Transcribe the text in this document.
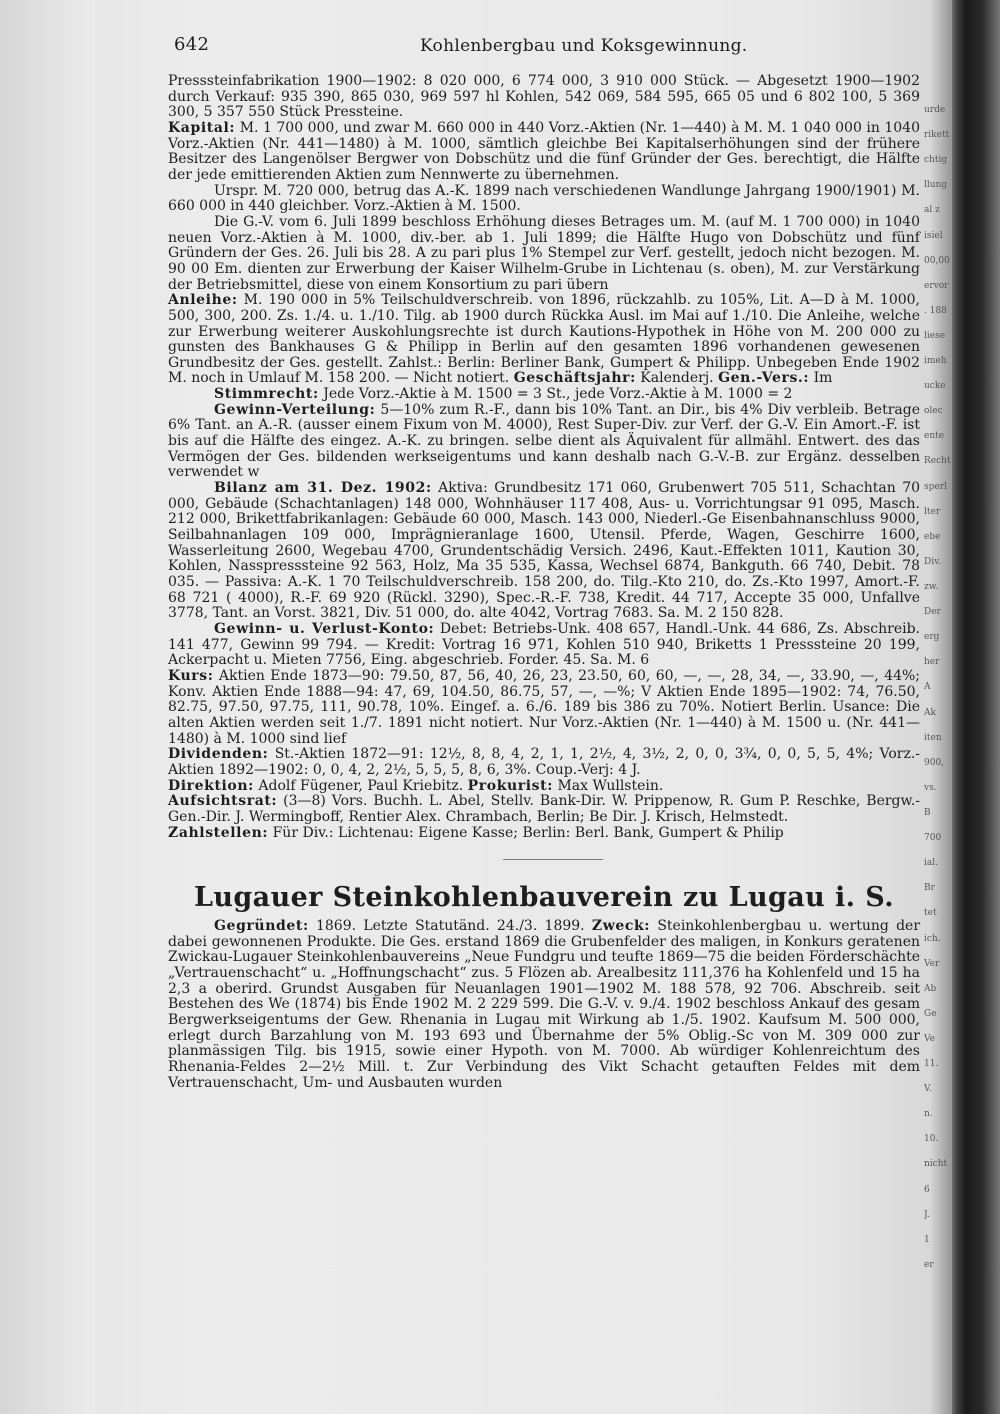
642	Kohlenbergbau und Koksgewinnung.

Presssteinfabrikation 1900—1902: 8 020 000, 6 774 000, 3 910 000 Stück. — Abgesetzt 1900—1902 durch Verkauf: 935 390, 865 030, 969 597 hl Kohlen, 542 069, 584 595, 665 05 und 6 802 100, 5 369 300, 5 357 550 Stück Pressteine.

Kapital: M. 1 700 000, und zwar M. 660 000 in 440 Vorz.-Aktien (Nr. 1—440) à M. M. 1 040 000 in 1040 Vorz.-Aktien (Nr. 441—1480) à M. 1000, sämtlich gleichbe Bei Kapitalserhöhungen sind der frühere Besitzer des Langenölser Bergwer von Dobschütz und die fünf Gründer der Ges. berechtigt, die Hälfte der jede emittierenden Aktien zum Nennwerte zu übernehmen.

Urspr. M. 720 000, betrug das A.-K. 1899 nach verschiedenen Wandlunge Jahrgang 1900/1901) M. 660 000 in 440 gleichber. Vorz.-Aktien à M. 1500.

Die G.-V. vom 6. Juli 1899 beschloss Erhöhung dieses Betrages um. M. (auf M. 1 700 000) in 1040 neuen Vorz.-Aktien à M. 1000, div.-ber. ab 1. Juli 1899; die Hälfte Hugo von Dobschütz und fünf Gründern der Ges. 26. Juli bis 28. A zu pari plus 1% Stempel zur Verf. gestellt, jedoch nicht bezogen. M. 90 00 Em. dienten zur Erwerbung der Kaiser Wilhelm-Grube in Lichtenau (s. oben), M. zur Verstärkung der Betriebsmittel, diese von einem Konsortium zu pari übern

Anleihe: M. 190 000 in 5% Teilschuldverschreib. von 1896, rückzahlb. zu 105%, Lit. A—D à M. 1000, 500, 300, 200. Zs. 1./4. u. 1./10. Tilg. ab 1900 durch Rückka Ausl. im Mai auf 1./10. Die Anleihe, welche zur Erwerbung weiterer Auskohlungsrechte ist durch Kautions-Hypothek in Höhe von M. 200 000 zu gunsten des Bankhauses G & Philipp in Berlin auf den gesamten 1896 vorhandenen gewesenen Grundbesitz der Ges. gestellt. Zahlst.: Berlin: Berliner Bank, Gumpert & Philipp. Unbegeben Ende 1902 M. noch in Umlauf M. 158 200. — Nicht notiert. Geschäftsjahr: Kalenderj. Gen.-Vers.: Im

Stimmrecht: Jede Vorz.-Aktie à M. 1500 = 3 St., jede Vorz.-Aktie à M. 1000 = 2

Gewinn-Verteilung: 5—10% zum R.-F., dann bis 10% Tant. an Dir., bis 4% Div verbleib. Betrage 6% Tant. an A.-R. (ausser einem Fixum von M. 4000), Rest Super-Div. zur Verf. der G.-V. Ein Amort.-F. ist bis auf die Hälfte des eingez. A.-K. zu bringen. selbe dient als Äquivalent für allmähl. Entwert. des das Vermögen der Ges. bildenden werkseigentums und kann deshalb nach G.-V.-B. zur Ergänz. desselben verwendet w

Bilanz am 31. Dez. 1902: Aktiva: Grundbesitz 171 060, Grubenwert 705 511, Schachtan 70 000, Gebäude (Schachtanlagen) 148 000, Wohnhäuser 117 408, Aus- u. Vorrichtungsar 91 095, Masch. 212 000, Brikettfabrikanlagen: Gebäude 60 000, Masch. 143 000, Niederl.-Ge Eisenbahnanschluss 9000, Seilbahnanlagen 109 000, Imprägnieranlage 1600, Utensil. Pferde, Wagen, Geschirre 1600, Wasserleitung 2600, Wegebau 4700, Grundentschädig Versich. 2496, Kaut.-Effekten 1011, Kaution 30, Kohlen, Nasspresssteine 92 563, Holz, Ma 35 535, Kassa, Wechsel 6874, Bankguth. 66 740, Debit. 78 035. — Passiva: A.-K. 1 70 Teilschuldverschreib. 158 200, do. Tilg.-Kto 210, do. Zs.-Kto 1997, Amort.-F. 68 721 ( 4000), R.-F. 69 920 (Rückl. 3290), Spec.-R.-F. 738, Kredit. 44 717, Accepte 35 000, Unfallve 3778, Tant. an Vorst. 3821, Div. 51 000, do. alte 4042, Vortrag 7683. Sa. M. 2 150 828.

Gewinn- u. Verlust-Konto: Debet: Betriebs-Unk. 408 657, Handl.-Unk. 44 686, Zs. Abschreib. 141 477, Gewinn 99 794. — Kredit: Vortrag 16 971, Kohlen 510 940, Briketts 1 Presssteine 20 199, Ackerpacht u. Mieten 7756, Eing. abgeschrieb. Forder. 45. Sa. M. 6

Kurs: Aktien Ende 1873—90: 79.50, 87, 56, 40, 26, 23, 23.50, 60, 60, —, —, 28, 34, —, 33.90, —, 44%; Konv. Aktien Ende 1888—94: 47, 69, 104.50, 86.75, 57, —, —%; V Aktien Ende 1895—1902: 74, 76.50, 82.75, 97.50, 97.75, 111, 90.78, 10%. Eingef. a. 6./6. 189 bis 386 zu 70%. Notiert Berlin. Usance: Die alten Aktien werden seit 1./7. 1891 nicht notiert. Nur Vorz.-Aktien (Nr. 1—440) à M. 1500 u. (Nr. 441—1480) à M. 1000 sind lief

Dividenden: St.-Aktien 1872—91: 12½, 8, 8, 4, 2, 1, 1, 2½, 4, 3½, 2, 0, 0, 3¾, 0, 0, 5, 5, 4%; Vorz.-Aktien 1892—1902: 0, 0, 4, 2, 2½, 5, 5, 5, 8, 6, 3%. Coup.-Verj: 4 J.

Direktion: Adolf Fügener, Paul Kriebitz. Prokurist: Max Wullstein.

Aufsichtsrat: (3—8) Vors. Buchh. L. Abel, Stellv. Bank-Dir. W. Prippenow, R. Gum P. Reschke, Bergw.-Gen.-Dir. J. Wermingboff, Rentier Alex. Chrambach, Berlin; Be Dir. J. Krisch, Helmstedt.

Zahlstellen: Für Div.: Lichtenau: Eigene Kasse; Berlin: Berl. Bank, Gumpert & Philip

Lugauer Steinkohlenbauverein zu Lugau i. S.

Gegründet: 1869. Letzte Statutänd. 24./3. 1899. Zweck: Steinkohlenbergbau u. wertung der dabei gewonnenen Produkte. Die Ges. erstand 1869 die Grubenfelder des maligen, in Konkurs geratenen Zwickau-Lugauer Steinkohlenbauvereins „Neue Fundgru und teufte 1869—75 die beiden Förderschächte „Vertrauenschacht“ u. „Hoffnungschacht“ zus. 5 Flözen ab. Arealbesitz 111,376 ha Kohlenfeld und 15 ha 2,3 a oberird. Grundst Ausgaben für Neuanlagen 1901—1902 M. 188 578, 92 706. Abschreib. seit Bestehen des We (1874) bis Ende 1902 M. 2 229 599. Die G.-V. v. 9./4. 1902 beschloss Ankauf des gesam Bergwerkseigentums der Gew. Rhenania in Lugau mit Wirkung ab 1./5. 1902. Kaufsum M. 500 000, erlegt durch Barzahlung von M. 193 693 und Übernahme der 5% Oblig.-Sc von M. 309 000 zur planmässigen Tilg. bis 1915, sowie einer Hypoth. von M. 7000. Ab würdiger Kohlenreichtum des Rhenania-Feldes 2—2½ Mill. t. Zur Verbindung des Vikt Schacht getauften Feldes mit dem Vertrauenschacht, Um- und Ausbauten wurden

urde
rikett
chtig
llung
al z
isiel
00,00
ervor
. 188
liese
imeh
ucke
olec
ente
Recht
sperl
lter
ebe
Div.
zw.
Der
erg
her
A
Ak
iten
900,
vs.
B
700
ial.
Br
tet
ich.
Ver
Ab
Ge
Ve
11.
V.
n.
10.
nicht
6
J.
1
er
